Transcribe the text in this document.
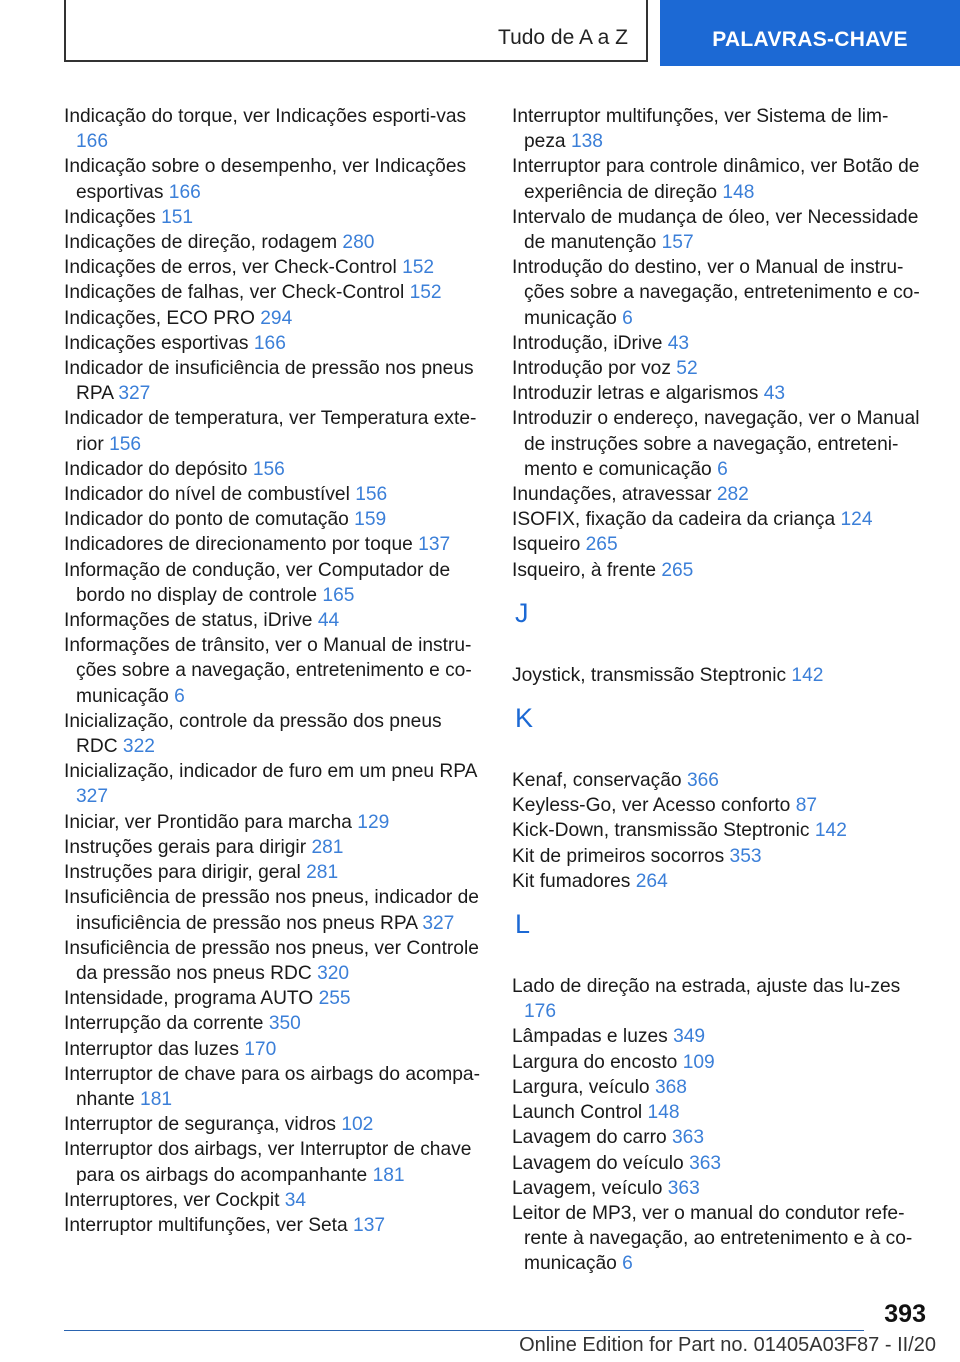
Tudo de A a Z	PALAVRAS-CHAVE
Indicação do torque, ver Indicações esporti-vas 166
Indicação sobre o desempenho, ver Indicações esportivas 166
Indicações 151
Indicações de direção, rodagem 280
Indicações de erros, ver Check-Control 152
Indicações de falhas, ver Check-Control 152
Indicações, ECO PRO 294
Indicações esportivas 166
Indicador de insuficiência de pressão nos pneus RPA 327
Indicador de temperatura, ver Temperatura exte-rior 156
Indicador do depósito 156
Indicador do nível de combustível 156
Indicador do ponto de comutação 159
Indicadores de direcionamento por toque 137
Informação de condução, ver Computador de bordo no display de controle 165
Informações de status, iDrive 44
Informações de trânsito, ver o Manual de instru-ções sobre a navegação, entretenimento e co-municação 6
Inicialização, controle da pressão dos pneus RDC 322
Inicialização, indicador de furo em um pneu RPA 327
Iniciar, ver Prontidão para marcha 129
Instruções gerais para dirigir 281
Instruções para dirigir, geral 281
Insuficiência de pressão nos pneus, indicador de insuficiência de pressão nos pneus RPA 327
Insuficiência de pressão nos pneus, ver Controle da pressão nos pneus RDC 320
Intensidade, programa AUTO 255
Interrupção da corrente 350
Interruptor das luzes 170
Interruptor de chave para os airbags do acompa-nhante 181
Interruptor de segurança, vidros 102
Interruptor dos airbags, ver Interruptor de chave para os airbags do acompanhante 181
Interruptores, ver Cockpit 34
Interruptor multifunções, ver Seta 137
Interruptor multifunções, ver Sistema de lim-peza 138
Interruptor para controle dinâmico, ver Botão de experiência de direção 148
Intervalo de mudança de óleo, ver Necessidade de manutenção 157
Introdução do destino, ver o Manual de instru-ções sobre a navegação, entretenimento e co-municação 6
Introdução, iDrive 43
Introdução por voz 52
Introduzir letras e algarismos 43
Introduzir o endereço, navegação, ver o Manual de instruções sobre a navegação, entreteni-mento e comunicação 6
Inundações, atravessar 282
ISOFIX, fixação da cadeira da criança 124
Isqueiro 265
Isqueiro, à frente 265
J
Joystick, transmissão Steptronic 142
K
Kenaf, conservação 366
Keyless-Go, ver Acesso conforto 87
Kick-Down, transmissão Steptronic 142
Kit de primeiros socorros 353
Kit fumadores 264
L
Lado de direção na estrada, ajuste das lu-zes 176
Lâmpadas e luzes 349
Largura do encosto 109
Largura, veículo 368
Launch Control 148
Lavagem do carro 363
Lavagem do veículo 363
Lavagem, veículo 363
Leitor de MP3, ver o manual do condutor refe-rente à navegação, ao entretenimento e à co-municação 6
393
Online Edition for Part no. 01405A03F87 - II/20
